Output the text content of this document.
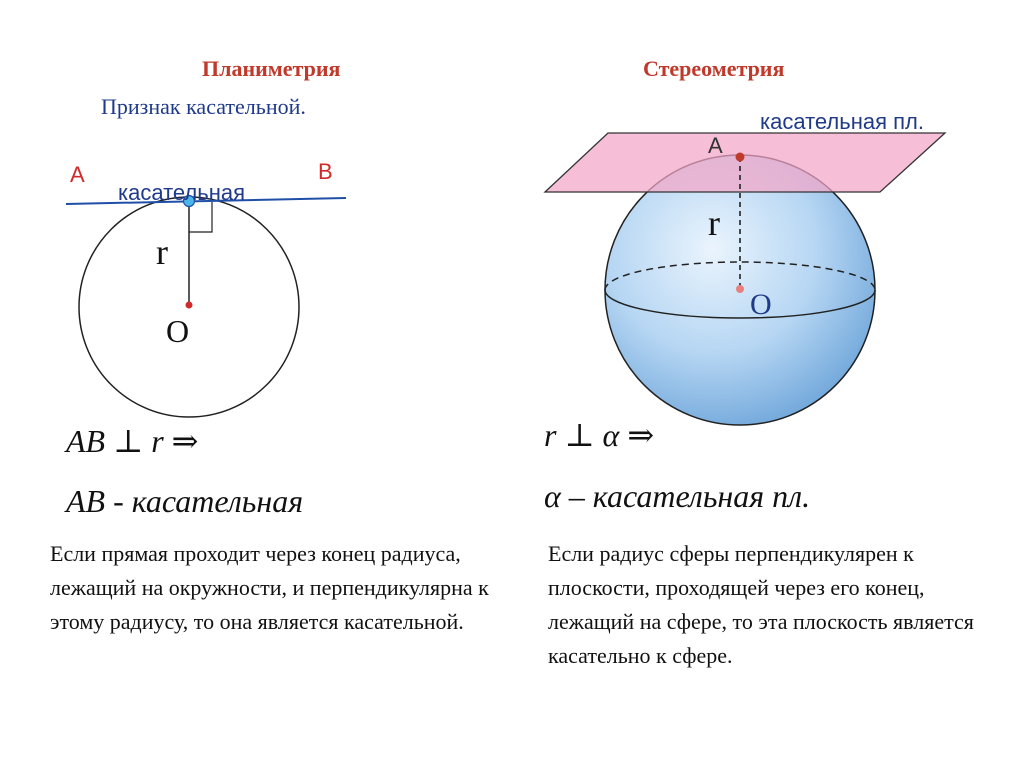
Планиметрия
Признак касательной.
A	B
касательная
r
O
AB ⊥ r ⇒
AB - касательная
Если прямая проходит через конец радиуса, лежащий на окружности, и перпендикулярна к этому радиусу, то она является касательной.
Стереометрия
касательная пл.
A
r
O
r ⊥ α ⇒
α – касательная пл.
Если радиус сферы перпендикулярен к плоскости, проходящей через его конец, лежащий на сфере, то эта плоскость является касательно к сфере.
